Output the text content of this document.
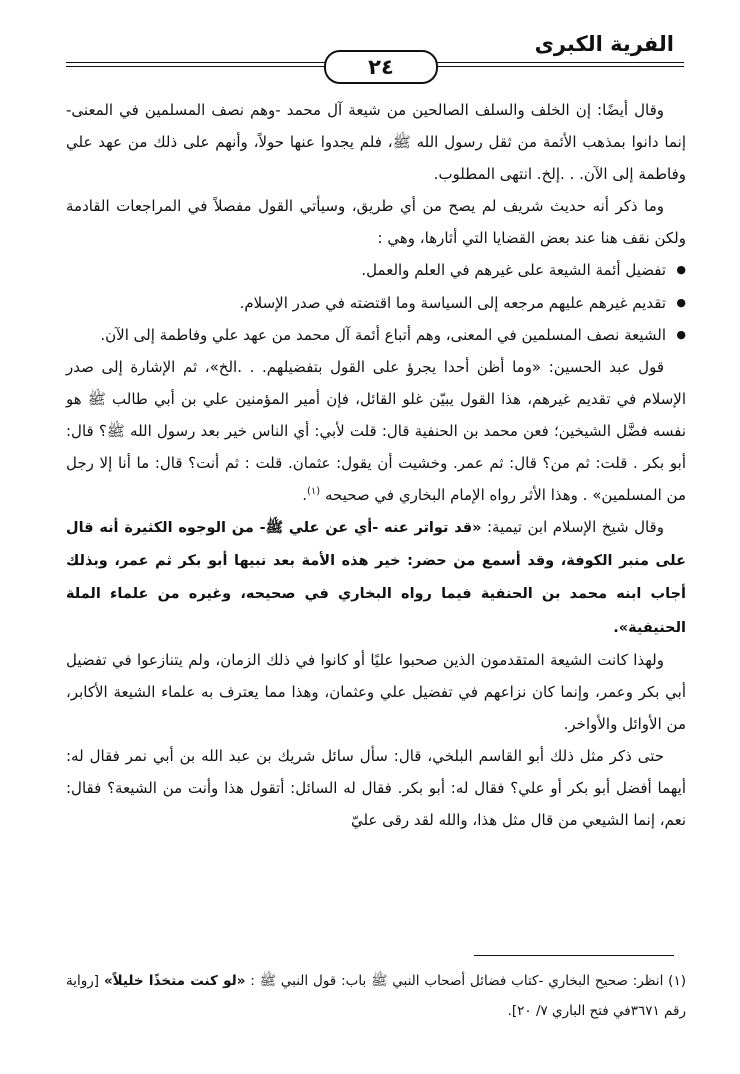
الفرية الكبرى
٢٤

وقال أيضًا: إن الخلف والسلف الصالحين من شيعة آل محمد -وهم نصف المسلمين في المعنى- إنما دانوا بمذهب الأئمة من ثقل رسول الله ﷺ، فلم يجدوا عنها حولاً، وأنهم على ذلك من عهد علي وفاطمة إلى الآن. . .إلخ. انتهى المطلوب.

وما ذكر أنه حديث شريف لم يصح من أي طريق، وسيأتي القول مفصلاً في المراجعات القادمة ولكن نقف هنا عند بعض القضايا التي أثارها، وهي :

● تفضيل أئمة الشيعة على غيرهم في العلم والعمل.

● تقديم غيرهم عليهم مرجعه إلى السياسة وما اقتضته في صدر الإسلام.

● الشيعة نصف المسلمين في المعنى، وهم أتباع أئمة آل محمد من عهد علي وفاطمة إلى الآن.

قول عبد الحسين: «وما أظن أحدا يجرؤ على القول بتفضيلهم. . .الخ»، ثم الإشارة إلى صدر الإسلام في تقديم غيرهم، هذا القول يبيّن غلو القائل، فإن أمير المؤمنين علي بن أبي طالب ﷺ هو نفسه فضَّل الشيخين؛ فعن محمد بن الحنفية قال: قلت لأبي: أي الناس خير بعد رسول الله ﷺ؟ قال: أبو بكر . قلت: ثم من؟ قال: ثم عمر. وخشيت أن يقول: عثمان. قلت : ثم أنت؟ قال: ما أنا إلا رجل من المسلمين» . وهذا الأثر رواه الإمام البخاري في صحيحه $^{(١)}$.

وقال شيخ الإسلام ابن تيمية: «قد تواتر عنه -أي عن علي ﷺ- من الوجوه الكثيرة أنه قال على منبر الكوفة، وقد أسمع من حضر: خير هذه الأمة بعد نبيها أبو بكر ثم عمر، وبذلك أجاب ابنه محمد بن الحنفية فيما رواه البخاري في صحيحه، وغيره من علماء الملة الحنيفية».

ولهذا كانت الشيعة المتقدمون الذين صحبوا عليًا أو كانوا في ذلك الزمان، ولم يتنازعوا في تفضيل أبي بكر وعمر، وإنما كان نزاعهم في تفضيل علي وعثمان، وهذا مما يعترف به علماء الشيعة الأكابر، من الأوائل والأواخر.

حتى ذكر مثل ذلك أبو القاسم البلخي، قال: سأل سائل شريك بن عبد الله بن أبي نمر فقال له: أيهما أفضل أبو بكر أو علي؟ فقال له: أبو بكر. فقال له السائل: أتقول هذا وأنت من الشيعة؟ فقال: نعم، إنما الشيعي من قال مثل هذا، والله لقد رقى عليّ

(١) انظر: صحيح البخاري -كتاب فضائل أصحاب النبي ﷺ باب: قول النبي ﷺ : «لو كنت متخذًا خليلاً» [رواية رقم ٣٦٧١في فتح الباري ٧/ ٢٠].
